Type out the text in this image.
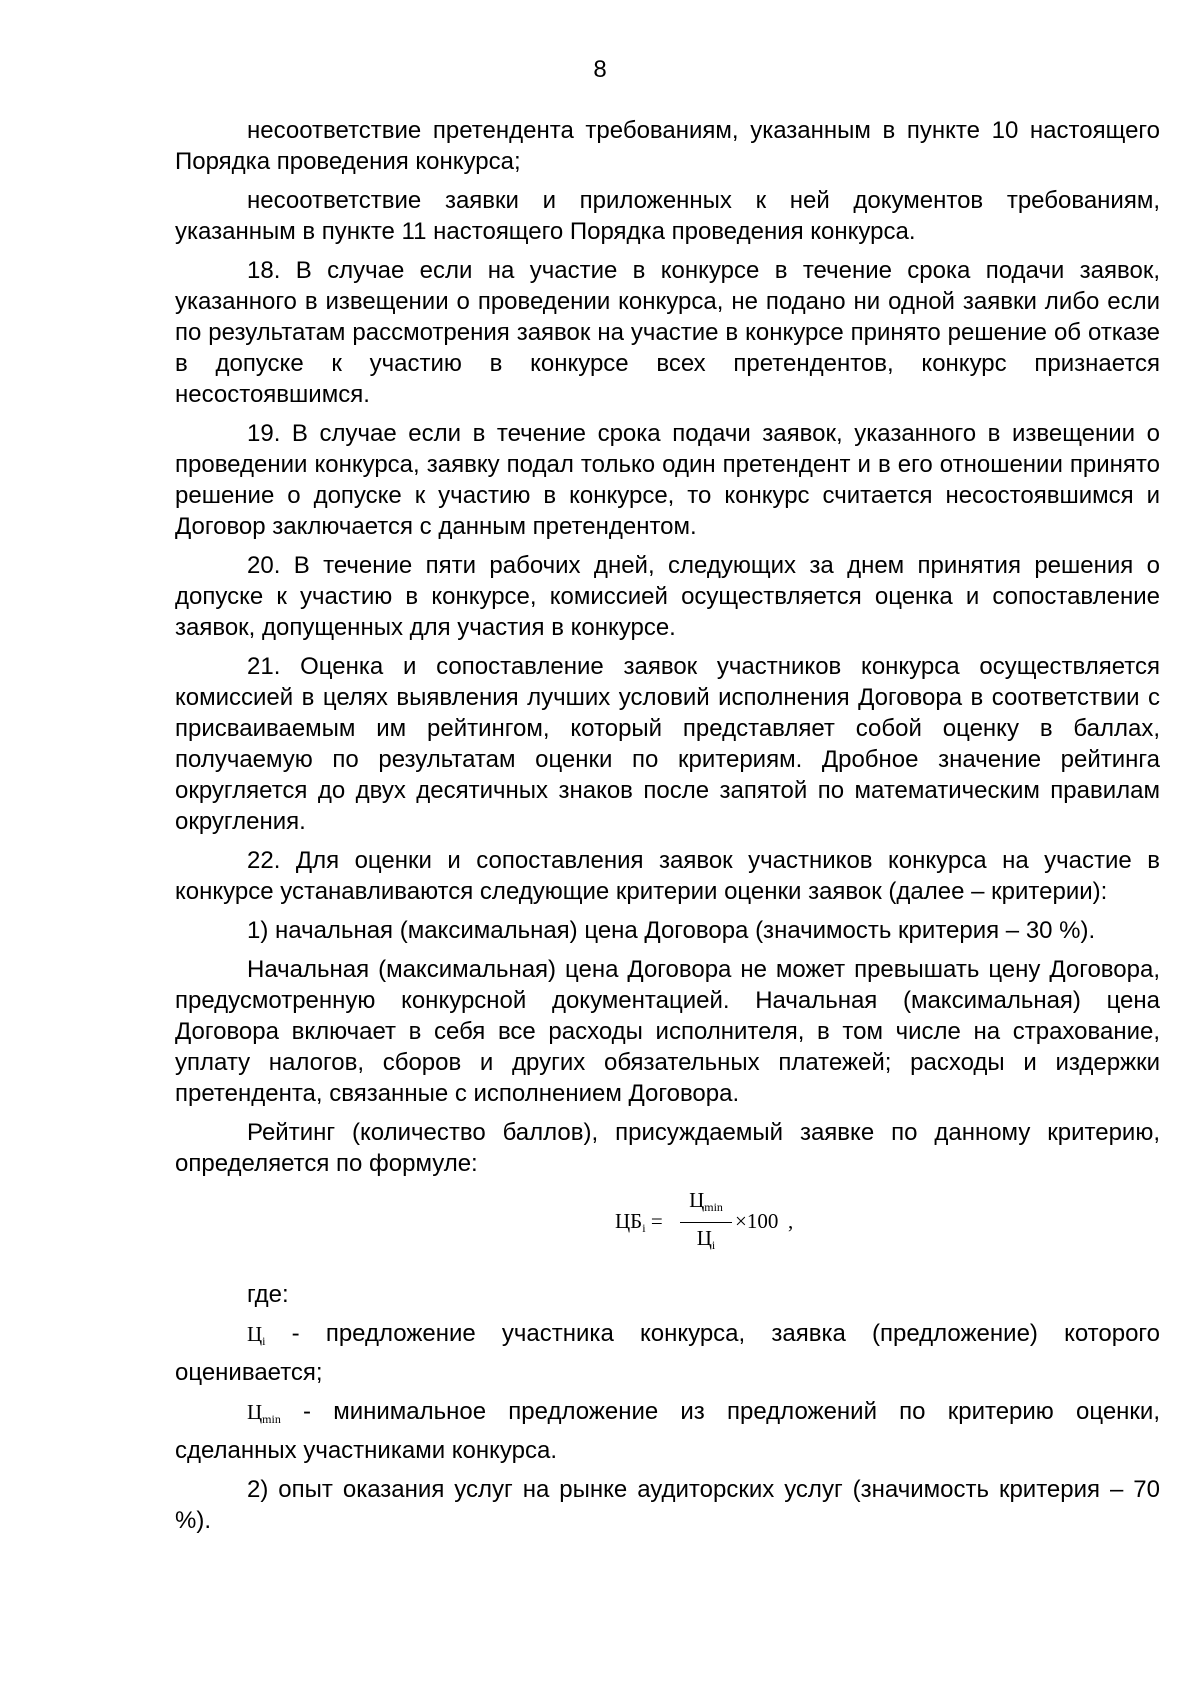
8

несоответствие претендента требованиям, указанным в пункте 10 настоящего Порядка проведения конкурса;

несоответствие заявки и приложенных к ней документов требованиям, указанным в пункте 11 настоящего Порядка проведения конкурса.

18. В случае если на участие в конкурсе в течение срока подачи заявок, указанного в извещении о проведении конкурса, не подано ни одной заявки либо если по результатам рассмотрения заявок на участие в конкурсе принято решение об отказе в допуске к участию в конкурсе всех претендентов, конкурс признается несостоявшимся.

19. В случае если в течение срока подачи заявок, указанного в извещении о проведении конкурса, заявку подал только один претендент и в его отношении принято решение о допуске к участию в конкурсе, то конкурс считается несостоявшимся и Договор заключается с данным претендентом.

20. В течение пяти рабочих дней, следующих за днем принятия решения о допуске к участию в конкурсе, комиссией осуществляется оценка и сопоставление заявок, допущенных для участия в конкурсе.

21. Оценка и сопоставление заявок участников конкурса осуществляется комиссией в целях выявления лучших условий исполнения Договора в соответствии с присваиваемым им рейтингом, который представляет собой оценку в баллах, получаемую по результатам оценки по критериям. Дробное значение рейтинга округляется до двух десятичных знаков после запятой по математическим правилам округления.

22. Для оценки и сопоставления заявок участников конкурса на участие в конкурсе устанавливаются следующие критерии оценки заявок (далее – критерии):

1) начальная (максимальная) цена Договора (значимость критерия – 30 %).

Начальная (максимальная) цена Договора не может превышать цену Договора, предусмотренную конкурсной документацией. Начальная (максимальная) цена Договора включает в себя все расходы исполнителя, в том числе на страхование, уплату налогов, сборов и других обязательных платежей; расходы и издержки претендента, связанные с исполнением Договора.

Рейтинг (количество баллов), присуждаемый заявке по данному критерию, определяется по формуле:

$ЦБ_i$ =
$Ц_{min}$
$Ц_i$
×100 ,

где:

$Ц_i$ - предложение участника конкурса, заявка (предложение) которого оценивается;

$Ц_{min}$ - минимальное предложение из предложений по критерию оценки, сделанных участниками конкурса.

2) опыт оказания услуг на рынке аудиторских услуг (значимость критерия – 70 %).
